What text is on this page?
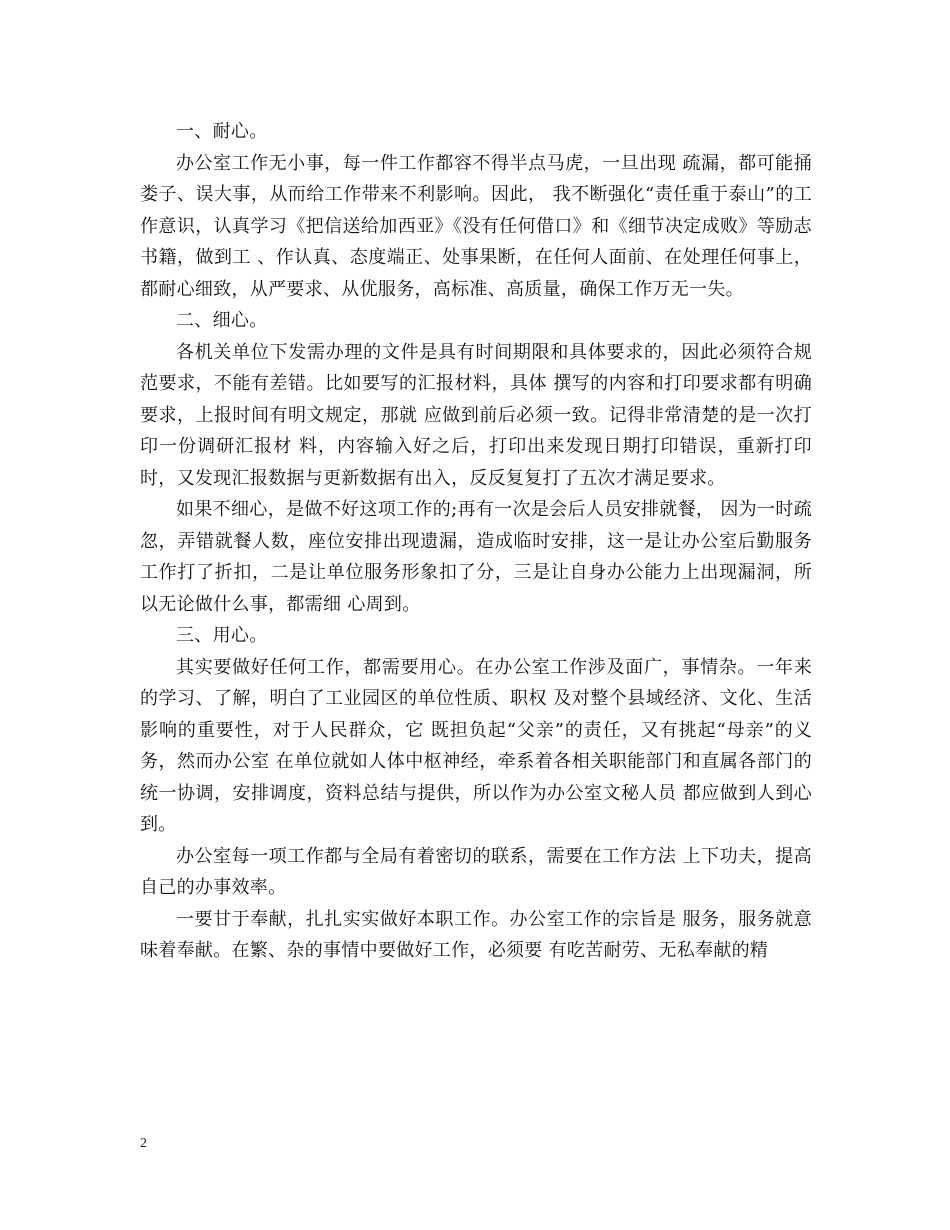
一、耐心。

办公室工作无小事，每一件工作都容不得半点马虎，一旦出现 疏漏，都可能捅娄子、误大事，从而给工作带来不利影响。因此， 我不断强化“责任重于泰山”的工作意识，认真学习《把信送给加西亚》《没有任何借口》和《细节决定成败》等励志书籍，做到工 、作认真、态度端正、处事果断，在任何人面前、在处理任何事上，都耐心细致，从严要求、从优服务，高标准、高质量，确保工作万无一失。

二、细心。

各机关单位下发需办理的文件是具有时间期限和具体要求的，因此必须符合规范要求，不能有差错。比如要写的汇报材料，具体 撰写的内容和打印要求都有明确要求，上报时间有明文规定，那就 应做到前后必须一致。记得非常清楚的是一次打印一份调研汇报材 料，内容输入好之后，打印出来发现日期打印错误，重新打印时，又发现汇报数据与更新数据有出入，反反复复打了五次才满足要求。

如果不细心，是做不好这项工作的;再有一次是会后人员安排就餐， 因为一时疏忽，弄错就餐人数，座位安排出现遗漏，造成临时安排，这一是让办公室后勤服务工作打了折扣，二是让单位服务形象扣了分，三是让自身办公能力上出现漏洞，所以无论做什么事，都需细 心周到。

三、用心。

其实要做好任何工作，都需要用心。在办公室工作涉及面广，事情杂。一年来的学习、了解，明白了工业园区的单位性质、职权 及对整个县域经济、文化、生活影响的重要性，对于人民群众，它 既担负起“父亲”的责任，又有挑起“母亲”的义务，然而办公室 在单位就如人体中枢神经，牵系着各相关职能部门和直属各部门的 统一协调，安排调度，资料总结与提供，所以作为办公室文秘人员 都应做到人到心到。

办公室每一项工作都与全局有着密切的联系，需要在工作方法 上下功夫，提高自己的办事效率。

一要甘于奉献，扎扎实实做好本职工作。办公室工作的宗旨是 服务，服务就意味着奉献。在繁、杂的事情中要做好工作，必须要 有吃苦耐劳、无私奉献的精

2
